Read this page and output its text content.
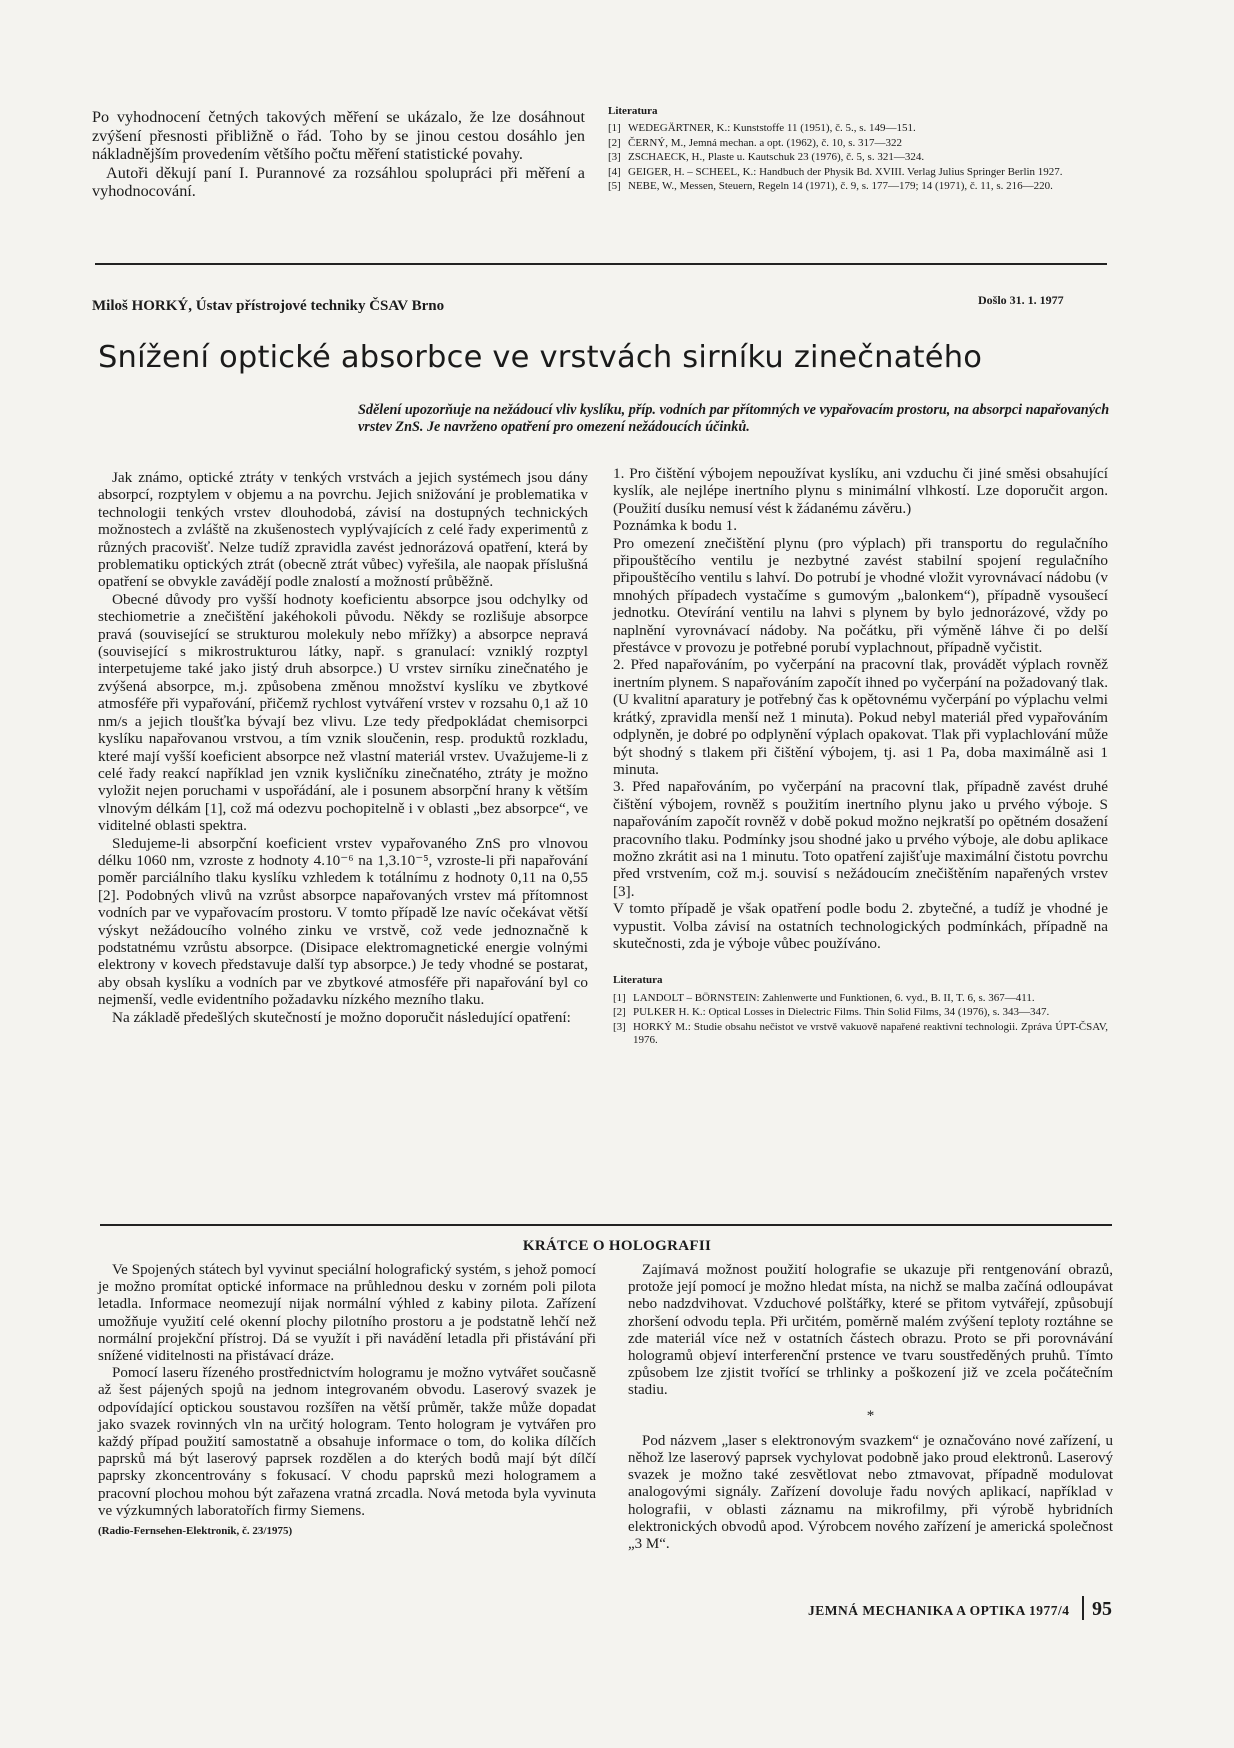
Po vyhodnocení četných takových měření se ukázalo, že lze dosáhnout zvýšení přesnosti přibližně o řád. Toho by se jinou cestou dosáhlo jen nákladnějším provedením většího počtu měření statistické povahy.

Autoři děkují paní I. Purannové za rozsáhlou spolupráci při měření a vyhodnocování.

Literatura
[1] WEDEGÄRTNER, K.: Kunststoffe 11 (1951), č. 5., s. 149—151.
[2] ČERNÝ, M., Jemná mechan. a opt. (1962), č. 10, s. 317—322
[3] ZSCHAECK, H., Plaste u. Kautschuk 23 (1976), č. 5, s. 321—324.
[4] GEIGER, H. – SCHEEL, K.: Handbuch der Physik Bd. XVIII. Verlag Julius Springer Berlin 1927.
[5] NEBE, W., Messen, Steuern, Regeln 14 (1971), č. 9, s. 177—179; 14 (1971), č. 11, s. 216—220.
Miloš HORKÝ, Ústav přístrojové techniky ČSAV Brno	Došlo 31. 1. 1977
Snížení optické absorbce ve vrstvách sirníku zinečnatého
Sdělení upozorňuje na nežádoucí vliv kyslíku, příp. vodních par přítomných ve vypařovacím prostoru, na absorpci napařovaných vrstev ZnS. Je navrženo opatření pro omezení nežádoucích účinků.

Jak známo, optické ztráty v tenkých vrstvách a jejich systémech jsou dány absorpcí, rozptylem v objemu a na povrchu. Jejich snižování je problematika v technologii tenkých vrstev dlouhodobá, závisí na dostupných technických možnostech a zvláště na zkušenostech vyplývajících z celé řady experimentů z různých pracovišť. Nelze tudíž zpravidla zavést jednorázová opatření, která by problematiku optických ztrát (obecně ztrát vůbec) vyřešila, ale naopak příslušná opatření se obvykle zavádějí podle znalostí a možností průběžně.

Obecné důvody pro vyšší hodnoty koeficientu absorpce jsou odchylky od stechiometrie a znečištění jakéhokoli původu. Někdy se rozlišuje absorpce pravá (související se strukturou molekuly nebo mřížky) a absorpce nepravá (související s mikrostrukturou látky, např. s granulací: vzniklý rozptyl interpetujeme také jako jistý druh absorpce.) U vrstev sirníku zinečnatého je zvýšená absorpce, m.j. způsobena změnou množství kyslíku ve zbytkové atmosféře při vypařování, přičemž rychlost vytváření vrstev v rozsahu 0,1 až 10 nm/s a jejich tloušťka bývají bez vlivu. Lze tedy předpokládat chemisorpci kyslíku napařovanou vrstvou, a tím vznik sloučenin, resp. produktů rozkladu, které mají vyšší koeficient absorpce než vlastní materiál vrstev. Uvažujeme-li z celé řady reakcí například jen vznik kysličníku zinečnatého, ztráty je možno vyložit nejen poruchami v uspořádání, ale i posunem absorpční hrany k větším vlnovým délkám [1], což má odezvu pochopitelně i v oblasti „bez absorpce“, ve viditelné oblasti spektra.

Sledujeme-li absorpční koeficient vrstev vypařovaného ZnS pro vlnovou délku 1060 nm, vzroste z hodnoty 4.10⁻⁶ na 1,3.10⁻⁵, vzroste-li při napařování poměr parciálního tlaku kyslíku vzhledem k totálnímu z hodnoty 0,11 na 0,55 [2]. Podobných vlivů na vzrůst absorpce napařovaných vrstev má přítomnost vodních par ve vypařovacím prostoru. V tomto případě lze navíc očekávat větší výskyt nežádoucího volného zinku ve vrstvě, což vede jednoznačně k podstatnému vzrůstu absorpce. (Disipace elektromagnetické energie volnými elektrony v kovech představuje další typ absorpce.) Je tedy vhodné se postarat, aby obsah kyslíku a vodních par ve zbytkové atmosféře při napařování byl co nejmenší, vedle evidentního požadavku nízkého mezního tlaku.

Na základě předešlých skutečností je možno doporučit následující opatření:

1. Pro čištění výbojem nepoužívat kyslíku, ani vzduchu či jiné směsi obsahující kyslík, ale nejlépe inertního plynu s minimální vlhkostí. Lze doporučit argon. (Použití dusíku nemusí vést k žádanému závěru.)

Poznámka k bodu 1.

Pro omezení znečištění plynu (pro výplach) při transportu do regulačního připouštěcího ventilu je nezbytné zavést stabilní spojení regulačního připouštěcího ventilu s lahví. Do potrubí je vhodné vložit vyrovnávací nádobu (v mnohých případech vystačíme s gumovým „balonkem“), případně vysoušecí jednotku. Otevírání ventilu na lahvi s plynem by bylo jednorázové, vždy po naplnění vyrovnávací nádoby. Na počátku, při výměně láhve či po delší přestávce v provozu je potřebné porubí vyplachnout, případně vyčistit.

2. Před napařováním, po vyčerpání na pracovní tlak, provádět výplach rovněž inertním plynem. S napařováním započít ihned po vyčerpání na požadovaný tlak. (U kvalitní aparatury je potřebný čas k opětovnému vyčerpání po výplachu velmi krátký, zpravidla menší než 1 minuta). Pokud nebyl materiál před vypařováním odplyněn, je dobré po odplynění výplach opakovat. Tlak při vyplachlování může být shodný s tlakem při čištění výbojem, tj. asi 1 Pa, doba maximálně asi 1 minuta.

3. Před napařováním, po vyčerpání na pracovní tlak, případně zavést druhé čištění výbojem, rovněž s použitím inertního plynu jako u prvého výboje. S napařováním započít rovněž v době pokud možno nejkratší po opětném dosažení pracovního tlaku. Podmínky jsou shodné jako u prvého výboje, ale dobu aplikace možno zkrátit asi na 1 minutu. Toto opatření zajišťuje maximální čistotu povrchu před vrstvením, což m.j. souvisí s nežádoucím znečištěním napařených vrstev [3].

V tomto případě je však opatření podle bodu 2. zbytečné, a tudíž je vhodné je vypustit. Volba závisí na ostatních technologických podmínkách, případně na skutečnosti, zda je výboje vůbec používáno.

Literatura
[1] LANDOLT – BÖRNSTEIN: Zahlenwerte und Funktionen, 6. vyd., B. II, T. 6, s. 367—411.
[2] PULKER H. K.: Optical Losses in Dielectric Films. Thin Solid Films, 34 (1976), s. 343—347.
[3] HORKÝ M.: Studie obsahu nečistot ve vrstvě vakuově napařené reaktivní technologii. Zpráva ÚPT-ČSAV, 1976.
KRÁTCE O HOLOGRAFII

Ve Spojených státech byl vyvinut speciální holografický systém, s jehož pomocí je možno promítat optické informace na průhlednou desku v zorném poli pilota letadla. Informace neomezují nijak normální výhled z kabiny pilota. Zařízení umožňuje využití celé okenní plochy pilotního prostoru a je podstatně lehčí než normální projekční přístroj. Dá se využít i při navádění letadla při přistávání při snížené viditelnosti na přistávací dráze.

Pomocí laseru řízeného prostřednictvím hologramu je možno vytvářet současně až šest pájených spojů na jednom integrovaném obvodu. Laserový svazek je odpovídající optickou soustavou rozšířen na větší průměr, takže může dopadat jako svazek rovinných vln na určitý hologram. Tento hologram je vytvářen pro každý případ použití samostatně a obsahuje informace o tom, do kolika dílčích paprsků má být laserový paprsek rozdělen a do kterých bodů mají být dílčí paprsky zkoncentrovány s fokusací. V chodu paprsků mezi hologramem a pracovní plochou mohou být zařazena vratná zrcadla. Nová metoda byla vyvinuta ve výzkumných laboratořích firmy Siemens.

(Radio-Fernsehen-Elektronik, č. 23/1975)

Zajímavá možnost použití holografie se ukazuje při rentgenování obrazů, protože její pomocí je možno hledat místa, na nichž se malba začíná odloupávat nebo nadzdvihovat. Vzduchové polštářky, které se přitom vytvářejí, způsobují zhoršení odvodu tepla. Při určitém, poměrně malém zvýšení teploty roztáhne se zde materiál více než v ostatních částech obrazu. Proto se při porovnávání hologramů objeví interferenční prstence ve tvaru soustředěných pruhů. Tímto způsobem lze zjistit tvořící se trhlinky a poškození již ve zcela počátečním stadiu.

*

Pod názvem „laser s elektronovým svazkem“ je označováno nové zařízení, u něhož lze laserový paprsek vychylovat podobně jako proud elektronů. Laserový svazek je možno také zesvětlovat nebo ztmavovat, případně modulovat analogovými signály. Zařízení dovoluje řadu nových aplikací, například v holografii, v oblasti záznamu na mikrofilmy, při výrobě hybridních elektronických obvodů apod. Výrobcem nového zařízení je americká společnost „3 M“.

JEMNÁ MECHANIKA A OPTIKA 1977/4 95
